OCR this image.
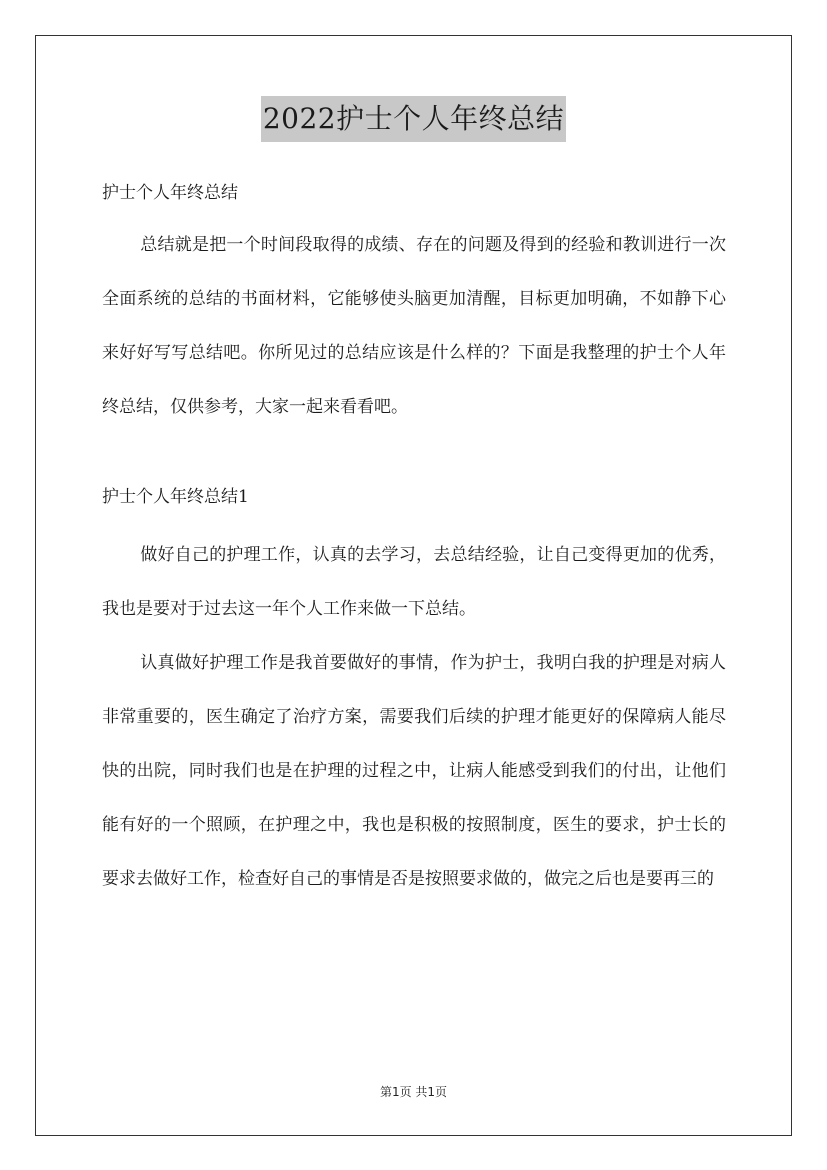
2022护士个人年终总结

护士个人年终总结

总结就是把一个时间段取得的成绩、存在的问题及得到的经验和教训进行一次全面系统的总结的书面材料，它能够使头脑更加清醒，目标更加明确，不如静下心来好好写写总结吧。你所见过的总结应该是什么样的？下面是我整理的护士个人年终总结，仅供参考，大家一起来看看吧。

护士个人年终总结1

做好自己的护理工作，认真的去学习，去总结经验，让自己变得更加的优秀，我也是要对于过去这一年个人工作来做一下总结。

认真做好护理工作是我首要做好的事情，作为护士，我明白我的护理是对病人非常重要的，医生确定了治疗方案，需要我们后续的护理才能更好的保障病人能尽快的出院，同时我们也是在护理的过程之中，让病人能感受到我们的付出，让他们能有好的一个照顾，在护理之中，我也是积极的按照制度，医生的要求，护士长的要求去做好工作，检查好自己的事情是否是按照要求做的，做完之后也是要再三的

第1页 共1页
